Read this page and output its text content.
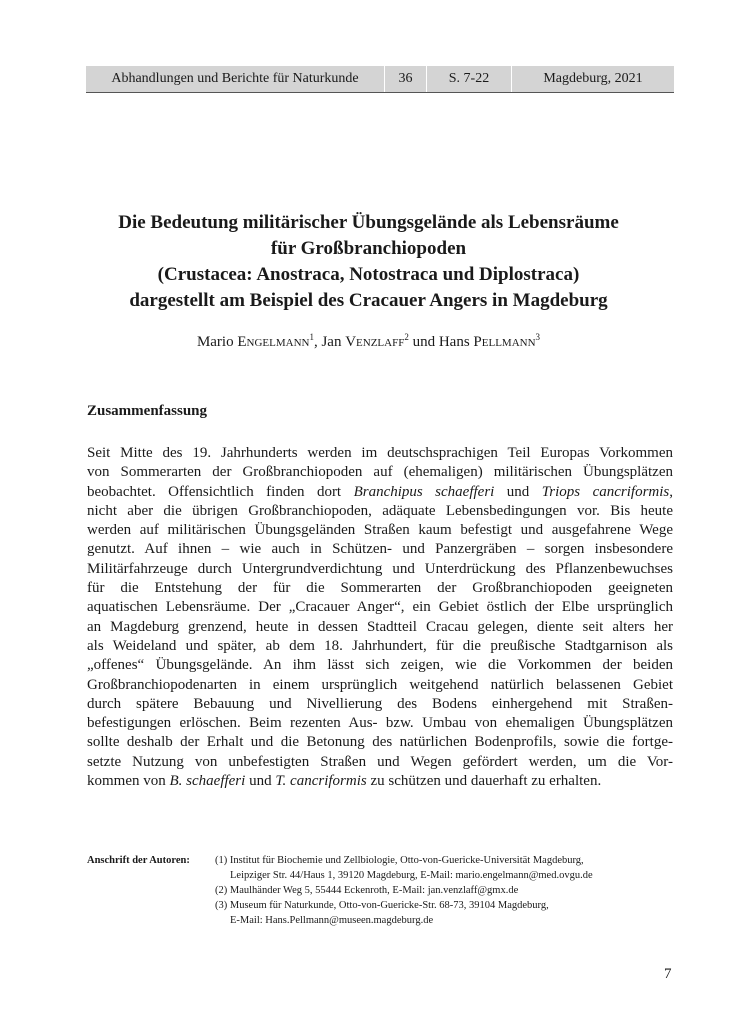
Abhandlungen und Berichte für Naturkunde	36	S. 7-22	Magdeburg, 2021
Die Bedeutung militärischer Übungsgelände als Lebensräume
für Großbranchiopoden
(Crustacea: Anostraca, Notostraca und Diplostraca)
dargestellt am Beispiel des Cracauer Angers in Magdeburg
Mario Engelmann$^1$, Jan Venzlaff$^2$ und Hans Pellmann$^3$
Zusammenfassung
Seit Mitte des 19. Jahrhunderts werden im deutschsprachigen Teil Europas Vorkommen
von Sommerarten der Großbranchiopoden auf (ehemaligen) militärischen Übungsplätzen
beobachtet. Offensichtlich finden dort Branchipus schaefferi und Triops cancriformis,
nicht aber die übrigen Großbranchiopoden, adäquate Lebensbedingungen vor. Bis heute
werden auf militärischen Übungsgeländen Straßen kaum befestigt und ausgefahrene Wege
genutzt. Auf ihnen – wie auch in Schützen- und Panzergräben – sorgen insbesondere
Militärfahrzeuge durch Untergrundverdichtung und Unterdrückung des Pflanzenbewuchses
für die Entstehung der für die Sommerarten der Großbranchiopoden geeigneten
aquatischen Lebensräume. Der „Cracauer Anger“, ein Gebiet östlich der Elbe ursprünglich
an Magdeburg grenzend, heute in dessen Stadtteil Cracau gelegen, diente seit alters her
als Weideland und später, ab dem 18. Jahrhundert, für die preußische Stadtgarnison als
„offenes“ Übungsgelände. An ihm lässt sich zeigen, wie die Vorkommen der beiden
Großbranchiopodenarten in einem ursprünglich weitgehend natürlich belassenen Gebiet
durch spätere Bebauung und Nivellierung des Bodens einhergehend mit Straßen-
befestigungen erlöschen. Beim rezenten Aus- bzw. Umbau von ehemaligen Übungsplätzen
sollte deshalb der Erhalt und die Betonung des natürlichen Bodenprofils, sowie die fortge-
setzte Nutzung von unbefestigten Straßen und Wegen gefördert werden, um die Vor-
kommen von B. schaefferi und T. cancriformis zu schützen und dauerhaft zu erhalten.
Anschrift der Autoren:	(1) Institut für Biochemie und Zellbiologie, Otto-von-Guericke-Universität Magdeburg,
Leipziger Str. 44/Haus 1, 39120 Magdeburg, E-Mail: mario.engelmann@med.ovgu.de
(2) Maulhänder Weg 5, 55444 Eckenroth, E-Mail: jan.venzlaff@gmx.de
(3) Museum für Naturkunde, Otto-von-Guericke-Str. 68-73, 39104 Magdeburg,
E-Mail: Hans.Pellmann@museen.magdeburg.de
7
